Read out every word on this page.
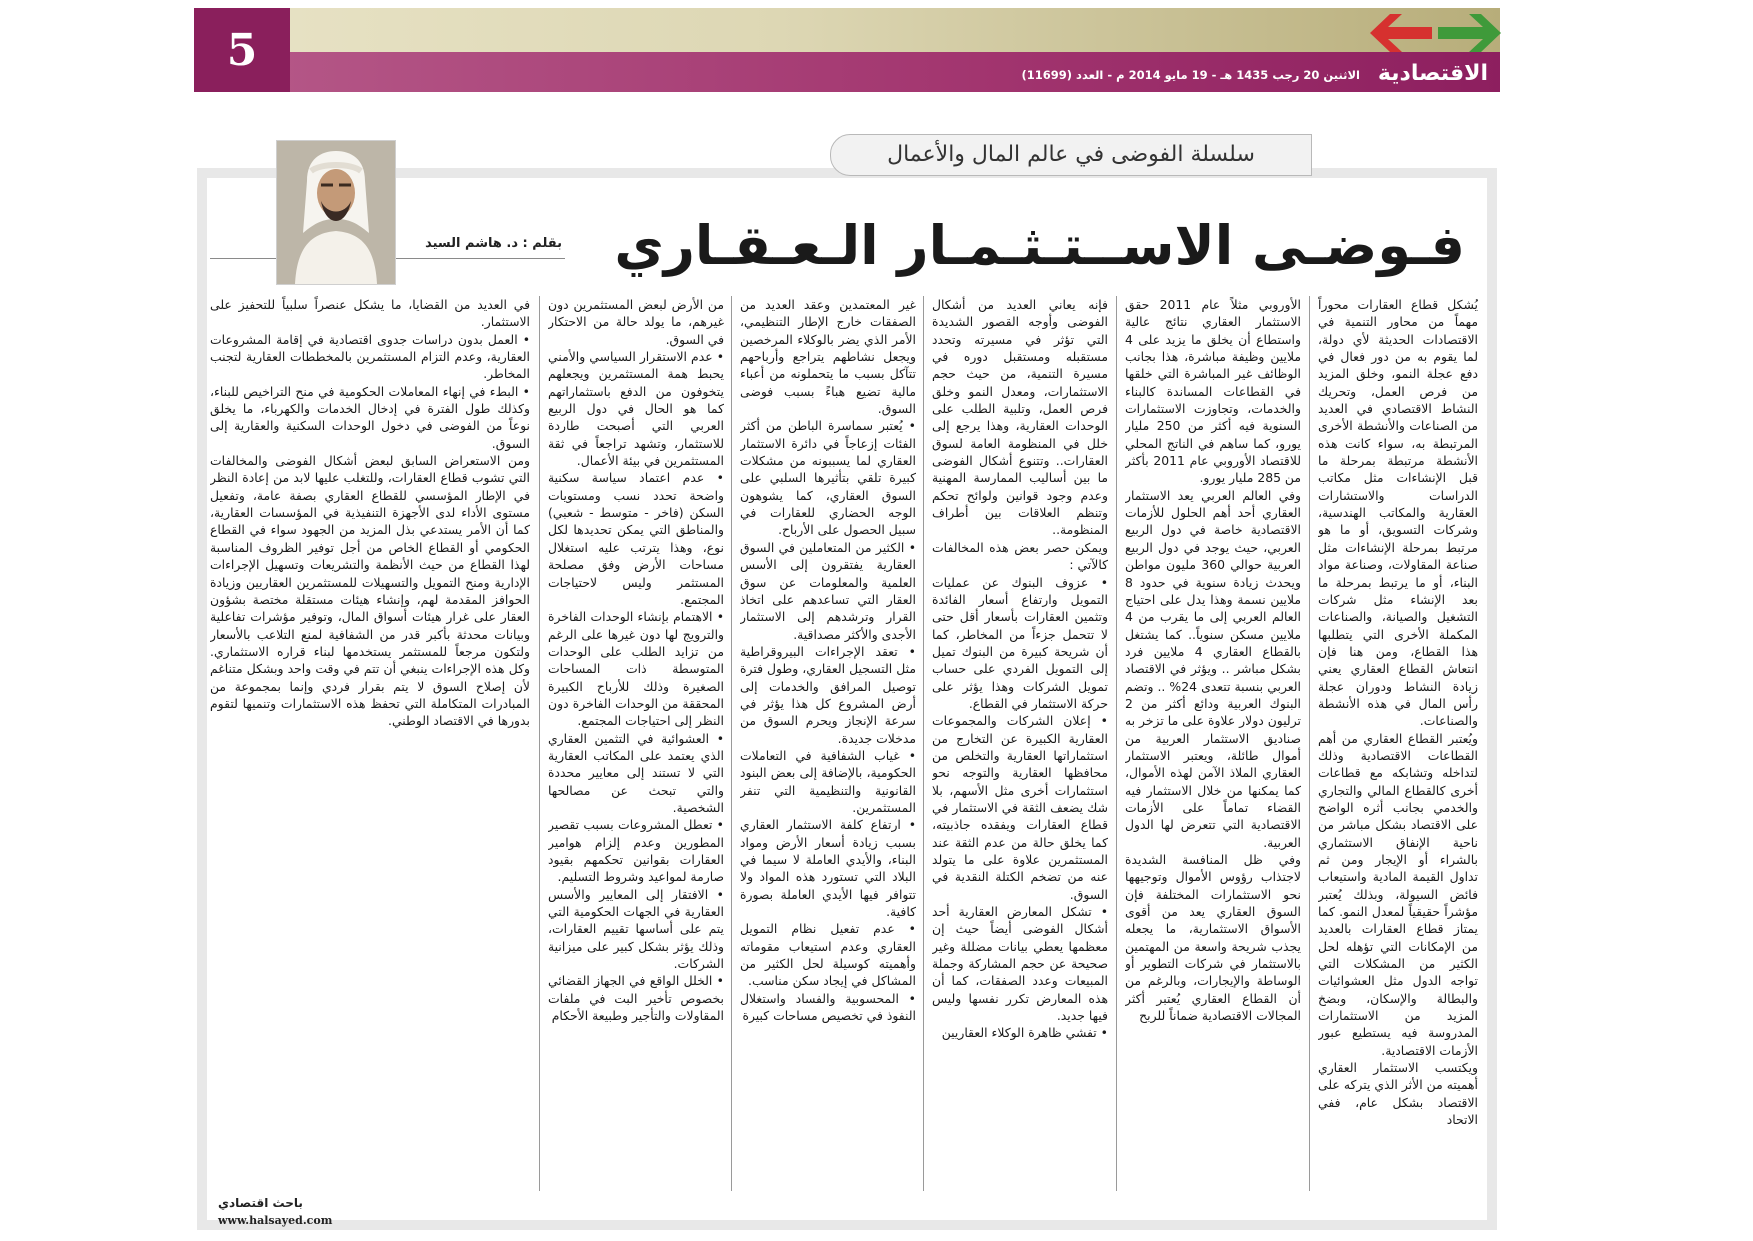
5	الاقتصادية
الاثنين 20 رجب 1435 هـ - 19 مايو 2014 م - العدد (11699)
سلسلة الفوضى في عالم المال والأعمال
فـوضـى الاســتـثـمـار الـعـقـاري
بقلم : د. هاشم السيد

يُشكل قطاع العقارات محوراً مهماً من محاور التنمية في الاقتصادات الحديثة لأي دولة، لما يقوم به من دور فعال في دفع عجلة النمو، وخلق المزيد من فرص العمل، وتحريك النشاط الاقتصادي في العديد من الصناعات والأنشطة الأخرى المرتبطة به، سواء كانت هذه الأنشطة مرتبطة بمرحلة ما قبل الإنشاءات مثل مكاتب الدراسات والاستشارات العقارية والمكاتب الهندسية، وشركات التسويق، أو ما هو مرتبط بمرحلة الإنشاءات مثل صناعة المقاولات، وصناعة مواد البناء، أو ما يرتبط بمرحلة ما بعد الإنشاء مثل شركات التشغيل والصيانة، والصناعات المكملة الأخرى التي يتطلبها هذا القطاع، ومن هنا فإن انتعاش القطاع العقاري يعني زيادة النشاط ودوران عجلة رأس المال في هذه الأنشطة والصناعات.

ويُعتبر القطاع العقاري من أهم القطاعات الاقتصادية وذلك لتداخله وتشابكه مع قطاعات أخرى كالقطاع المالي والتجاري والخدمي بجانب أثره الواضح على الاقتصاد بشكل مباشر من ناحية الإنفاق الاستثماري بالشراء أو الإيجار ومن ثم تداول القيمة المادية واستيعاب فائض السيولة، وبذلك يُعتبر مؤشراً حقيقياً لمعدل النمو. كما يمتاز قطاع العقارات بالعديد من الإمكانات التي تؤهله لحل الكثير من المشكلات التي تواجه الدول مثل العشوائيات والبطالة والإسكان، وبضخ المزيد من الاستثمارات المدروسة فيه يستطيع عبور الأزمات الاقتصادية.

ويكتسب الاستثمار العقاري أهميته من الأثر الذي يتركه على الاقتصاد بشكل عام، ففي الاتحاد

الأوروبي مثلاً عام 2011 حقق الاستثمار العقاري نتائج عالية واستطاع أن يخلق ما يزيد على 4 ملايين وظيفة مباشرة، هذا بجانب الوظائف غير المباشرة التي خلقها في القطاعات المساندة كالبناء والخدمات، وتجاوزت الاستثمارات السنوية فيه أكثر من 250 مليار يورو، كما ساهم في الناتج المحلي للاقتصاد الأوروبي عام 2011 بأكثر من 285 مليار يورو.

وفي العالم العربي يعد الاستثمار العقاري أحد أهم الحلول للأزمات الاقتصادية خاصة في دول الربيع العربي، حيث يوجد في دول الربيع العربية حوالي 360 مليون مواطن ويحدث زيادة سنوية في حدود 8 ملايين نسمة وهذا يدل على احتياج العالم العربي إلى ما يقرب من 4 ملايين مسكن سنوياً.. كما يشتغل بالقطاع العقاري 4 ملايين فرد بشكل مباشر .. ويؤثر في الاقتصاد العربي بنسبة تتعدى 24% .. وتضم البنوك العربية ودائع أكثر من 2 ترليون دولار علاوة على ما تزخر به صناديق الاستثمار العربية من أموال طائلة، ويعتبر الاستثمار العقاري الملاذ الآمن لهذه الأموال، كما يمكنها من خلال الاستثمار فيه القضاء تماماً على الأزمات الاقتصادية التي تتعرض لها الدول العربية.

وفي ظل المنافسة الشديدة لاجتذاب رؤوس الأموال وتوجيهها نحو الاستثمارات المختلفة فإن السوق العقاري يعد من أقوى الأسواق الاستثمارية، ما يجعله يجذب شريحة واسعة من المهتمين بالاستثمار في شركات التطوير أو الوساطة والإيجارات، وبالرغم من أن القطاع العقاري يُعتبر أكثر المجالات الاقتصادية ضماناً للربح

فإنه يعاني العديد من أشكال الفوضى وأوجه القصور الشديدة التي تؤثر في مسيرته وتحدد مستقبله ومستقبل دوره في مسيرة التنمية، من حيث حجم الاستثمارات، ومعدل النمو وخلق فرص العمل، وتلبية الطلب على الوحدات العقارية، وهذا يرجع إلى خلل في المنظومة العامة لسوق العقارات.. وتتنوع أشكال الفوضى ما بين أساليب الممارسة المهنية وعدم وجود قوانين ولوائح تحكم وتنظم العلاقات بين أطراف المنظومة..

ويمكن حصر بعض هذه المخالفات كالآتي :

• عزوف البنوك عن عمليات التمويل وارتفاع أسعار الفائدة وتثمين العقارات بأسعار أقل حتى لا تتحمل جزءاً من المخاطر، كما أن شريحة كبيرة من البنوك تميل إلى التمويل الفردي على حساب تمويل الشركات وهذا يؤثر على حركة الاستثمار في القطاع.

• إعلان الشركات والمجموعات العقارية الكبيرة عن التخارج من استثماراتها العقارية والتخلص من محافظها العقارية والتوجه نحو استثمارات أخرى مثل الأسهم، بلا شك يضعف الثقة في الاستثمار في قطاع العقارات ويفقده جاذبيته، كما يخلق حالة من عدم الثقة عند المستثمرين علاوة على ما يتولد عنه من تضخم الكتلة النقدية في السوق.

• تشكل المعارض العقارية أحد أشكال الفوضى أيضاً حيث إن معظمها يعطي بيانات مضللة وغير صحيحة عن حجم المشاركة وجملة المبيعات وعدد الصفقات، كما أن هذه المعارض تكرر نفسها وليس فيها جديد.

• تفشي ظاهرة الوكلاء العقاريين

غير المعتمدين وعقد العديد من الصفقات خارج الإطار التنظيمي، الأمر الذي يضر بالوكلاء المرخصين ويجعل نشاطهم يتراجع وأرباحهم تتآكل بسبب ما يتحملونه من أعباء مالية تضيع هباءً بسبب فوضى السوق.

• يُعتبر سماسرة الباطن من أكثر الفئات إزعاجاً في دائرة الاستثمار العقاري لما يسببونه من مشكلات كبيرة تلقي بتأثيرها السلبي على السوق العقاري، كما يشوهون الوجه الحضاري للعقارات في سبيل الحصول على الأرباح.

• الكثير من المتعاملين في السوق العقارية يفتقرون إلى الأسس العلمية والمعلومات عن سوق العقار التي تساعدهم على اتخاذ القرار وترشدهم إلى الاستثمار الأجدى والأكثر مصداقية.

• تعقد الإجراءات البيروقراطية مثل التسجيل العقاري، وطول فترة توصيل المرافق والخدمات إلى أرض المشروع كل هذا يؤثر في سرعة الإنجاز ويحرم السوق من مدخلات جديدة.

• غياب الشفافية في التعاملات الحكومية، بالإضافة إلى بعض البنود القانونية والتنظيمية التي تنفر المستثمرين.

• ارتفاع كلفة الاستثمار العقاري بسبب زيادة أسعار الأرض ومواد البناء، والأيدي العاملة لا سيما في البلاد التي تستورد هذه المواد ولا تتوافر فيها الأيدي العاملة بصورة كافية.

• عدم تفعيل نظام التمويل العقاري وعدم استيعاب مقوماته وأهميته كوسيلة لحل الكثير من المشاكل في إيجاد سكن مناسب.

• المحسوبية والفساد واستغلال النفوذ في تخصيص مساحات كبيرة

من الأرض لبعض المستثمرين دون غيرهم، ما يولد حالة من الاحتكار في السوق.

• عدم الاستقرار السياسي والأمني يحبط همة المستثمرين ويجعلهم يتخوفون من الدفع باستثماراتهم كما هو الحال في دول الربيع العربي التي أصبحت طاردة للاستثمار، وتشهد تراجعاً في ثقة المستثمرين في بيئة الأعمال.

• عدم اعتماد سياسة سكنية واضحة تحدد نسب ومستويات السكن (فاخر - متوسط - شعبي) والمناطق التي يمكن تحديدها لكل نوع، وهذا يترتب عليه استغلال مساحات الأرض وفق مصلحة المستثمر وليس لاحتياجات المجتمع.

• الاهتمام بإنشاء الوحدات الفاخرة والترويج لها دون غيرها على الرغم من تزايد الطلب على الوحدات المتوسطة ذات المساحات الصغيرة وذلك للأرباح الكبيرة المحققة من الوحدات الفاخرة دون النظر إلى احتياجات المجتمع.

• العشوائية في التثمين العقاري الذي يعتمد على المكاتب العقارية التي لا تستند إلى معايير محددة والتي تبحث عن مصالحها الشخصية.

• تعطل المشروعات بسبب تقصير المطورين وعدم إلزام هوامير العقارات بقوانين تحكمهم بقيود صارمة لمواعيد وشروط التسليم.

• الافتقار إلى المعايير والأسس العقارية في الجهات الحكومية التي يتم على أساسها تقييم العقارات، وذلك يؤثر بشكل كبير على ميزانية الشركات.

• الخلل الواقع في الجهاز القضائي بخصوص تأخير البت في ملفات المقاولات والتأجير وطبيعة الأحكام

في العديد من القضايا، ما يشكل عنصراً سلبياً للتحفيز على الاستثمار.

• العمل بدون دراسات جدوى اقتصادية في إقامة المشروعات العقارية، وعدم التزام المستثمرين بالمخططات العقارية لتجنب المخاطر.

• البطء في إنهاء المعاملات الحكومية في منح التراخيص للبناء، وكذلك طول الفترة في إدخال الخدمات والكهرباء، ما يخلق نوعاً من الفوضى في دخول الوحدات السكنية والعقارية إلى السوق.

ومن الاستعراض السابق لبعض أشكال الفوضى والمخالفات التي تشوب قطاع العقارات، وللتغلب عليها لابد من إعادة النظر في الإطار المؤسسي للقطاع العقاري بصفة عامة، وتفعيل مستوى الأداء لدى الأجهزة التنفيذية في المؤسسات العقارية، كما أن الأمر يستدعي بذل المزيد من الجهود سواء في القطاع الحكومي أو القطاع الخاص من أجل توفير الظروف المناسبة لهذا القطاع من حيث الأنظمة والتشريعات وتسهيل الإجراءات الإدارية ومنح التمويل والتسهيلات للمستثمرين العقاريين وزيادة الحوافز المقدمة لهم، وإنشاء هيئات مستقلة مختصة بشؤون العقار على غرار هيئات أسواق المال، وتوفير مؤشرات تفاعلية وبيانات محدثة بأكبر قدر من الشفافية لمنع التلاعب بالأسعار ولتكون مرجعاً للمستثمر يستخدمها لبناء قراره الاستثماري. وكل هذه الإجراءات ينبغي أن تتم في وقت واحد وبشكل متناغم لأن إصلاح السوق لا يتم بقرار فردي وإنما بمجموعة من المبادرات المتكاملة التي تحفظ هذه الاستثمارات وتنميها لتقوم بدورها في الاقتصاد الوطني.

باحث اقتصادي
www.halsayed.com
